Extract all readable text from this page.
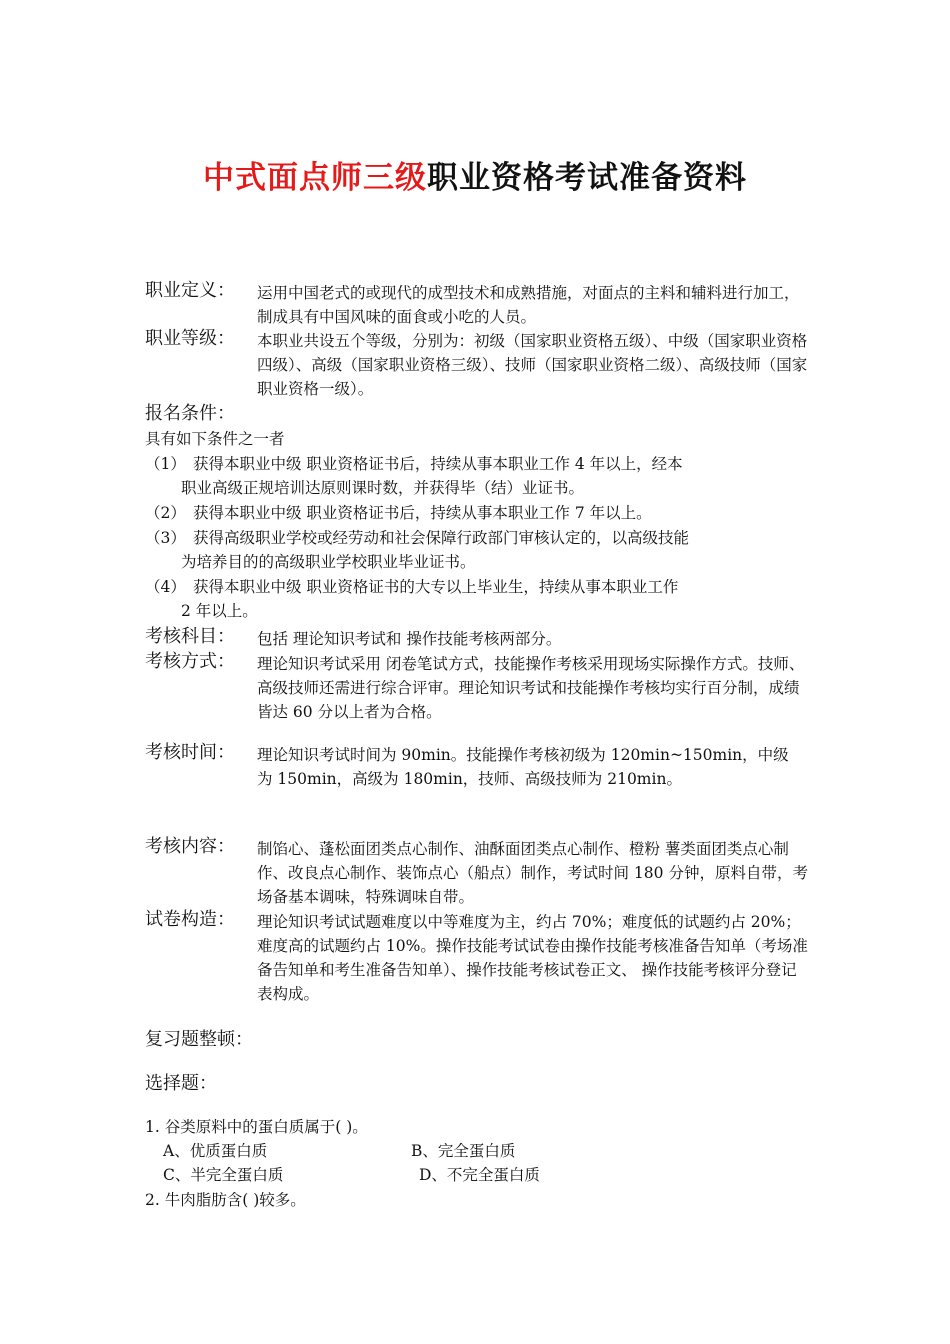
中式面点师三级职业资格考试准备资料
职业定义： 运用中国老式的或现代的成型技术和成熟措施，对面点的主料和辅料进行加工，制成具有中国风味的面食或小吃的人员。
职业等级： 本职业共设五个等级，分别为：初级（国家职业资格五级）、中级（国家职业资格四级）、高级（国家职业资格三级）、技师（国家职业资格二级）、高级技师（国家职业资格一级）。
报名条件：
具有如下条件之一者
（1） 获得本职业中级 职业资格证书后，持续从事本职业工作 4 年以上，经本
职业高级正规培训达原则课时数，并获得毕（结）业证书。
（2） 获得本职业中级 职业资格证书后，持续从事本职业工作 7 年以上。
（3） 获得高级职业学校或经劳动和社会保障行政部门审核认定的，以高级技能
为培养目的的高级职业学校职业毕业证书。
（4） 获得本职业中级 职业资格证书的大专以上毕业生，持续从事本职业工作
2 年以上。
考核科目： 包括 理论知识考试和 操作技能考核两部分。
考核方式： 理论知识考试采用 闭卷笔试方式，技能操作考核采用现场实际操作方式。技师、高级技师还需进行综合评审。理论知识考试和技能操作考核均实行百分制，成绩皆达 60 分以上者为合格。
考核时间： 理论知识考试时间为 90min。技能操作考核初级为 120min~150min，中级为 150min，高级为 180min，技师、高级技师为 210min。
考核内容： 制馅心、蓬松面团类点心制作、油酥面团类点心制作、橙粉 薯类面团类点心制作、改良点心制作、装饰点心（船点）制作，考试时间 180 分钟，原料自带，考场备基本调味，特殊调味自带。
试卷构造： 理论知识考试试题难度以中等难度为主，约占 70%；难度低的试题约占 20%；难度高的试题约占 10%。操作技能考试试卷由操作技能考核准备告知单（考场准备告知单和考生准备告知单）、操作技能考核试卷正文、 操作技能考核评分登记表构成。
复习题整顿：
选择题：
1. 谷类原料中的蛋白质属于( )。
A、优质蛋白质	B、完全蛋白质
C、半完全蛋白质	D、不完全蛋白质
2. 牛肉脂肪含( )较多。
